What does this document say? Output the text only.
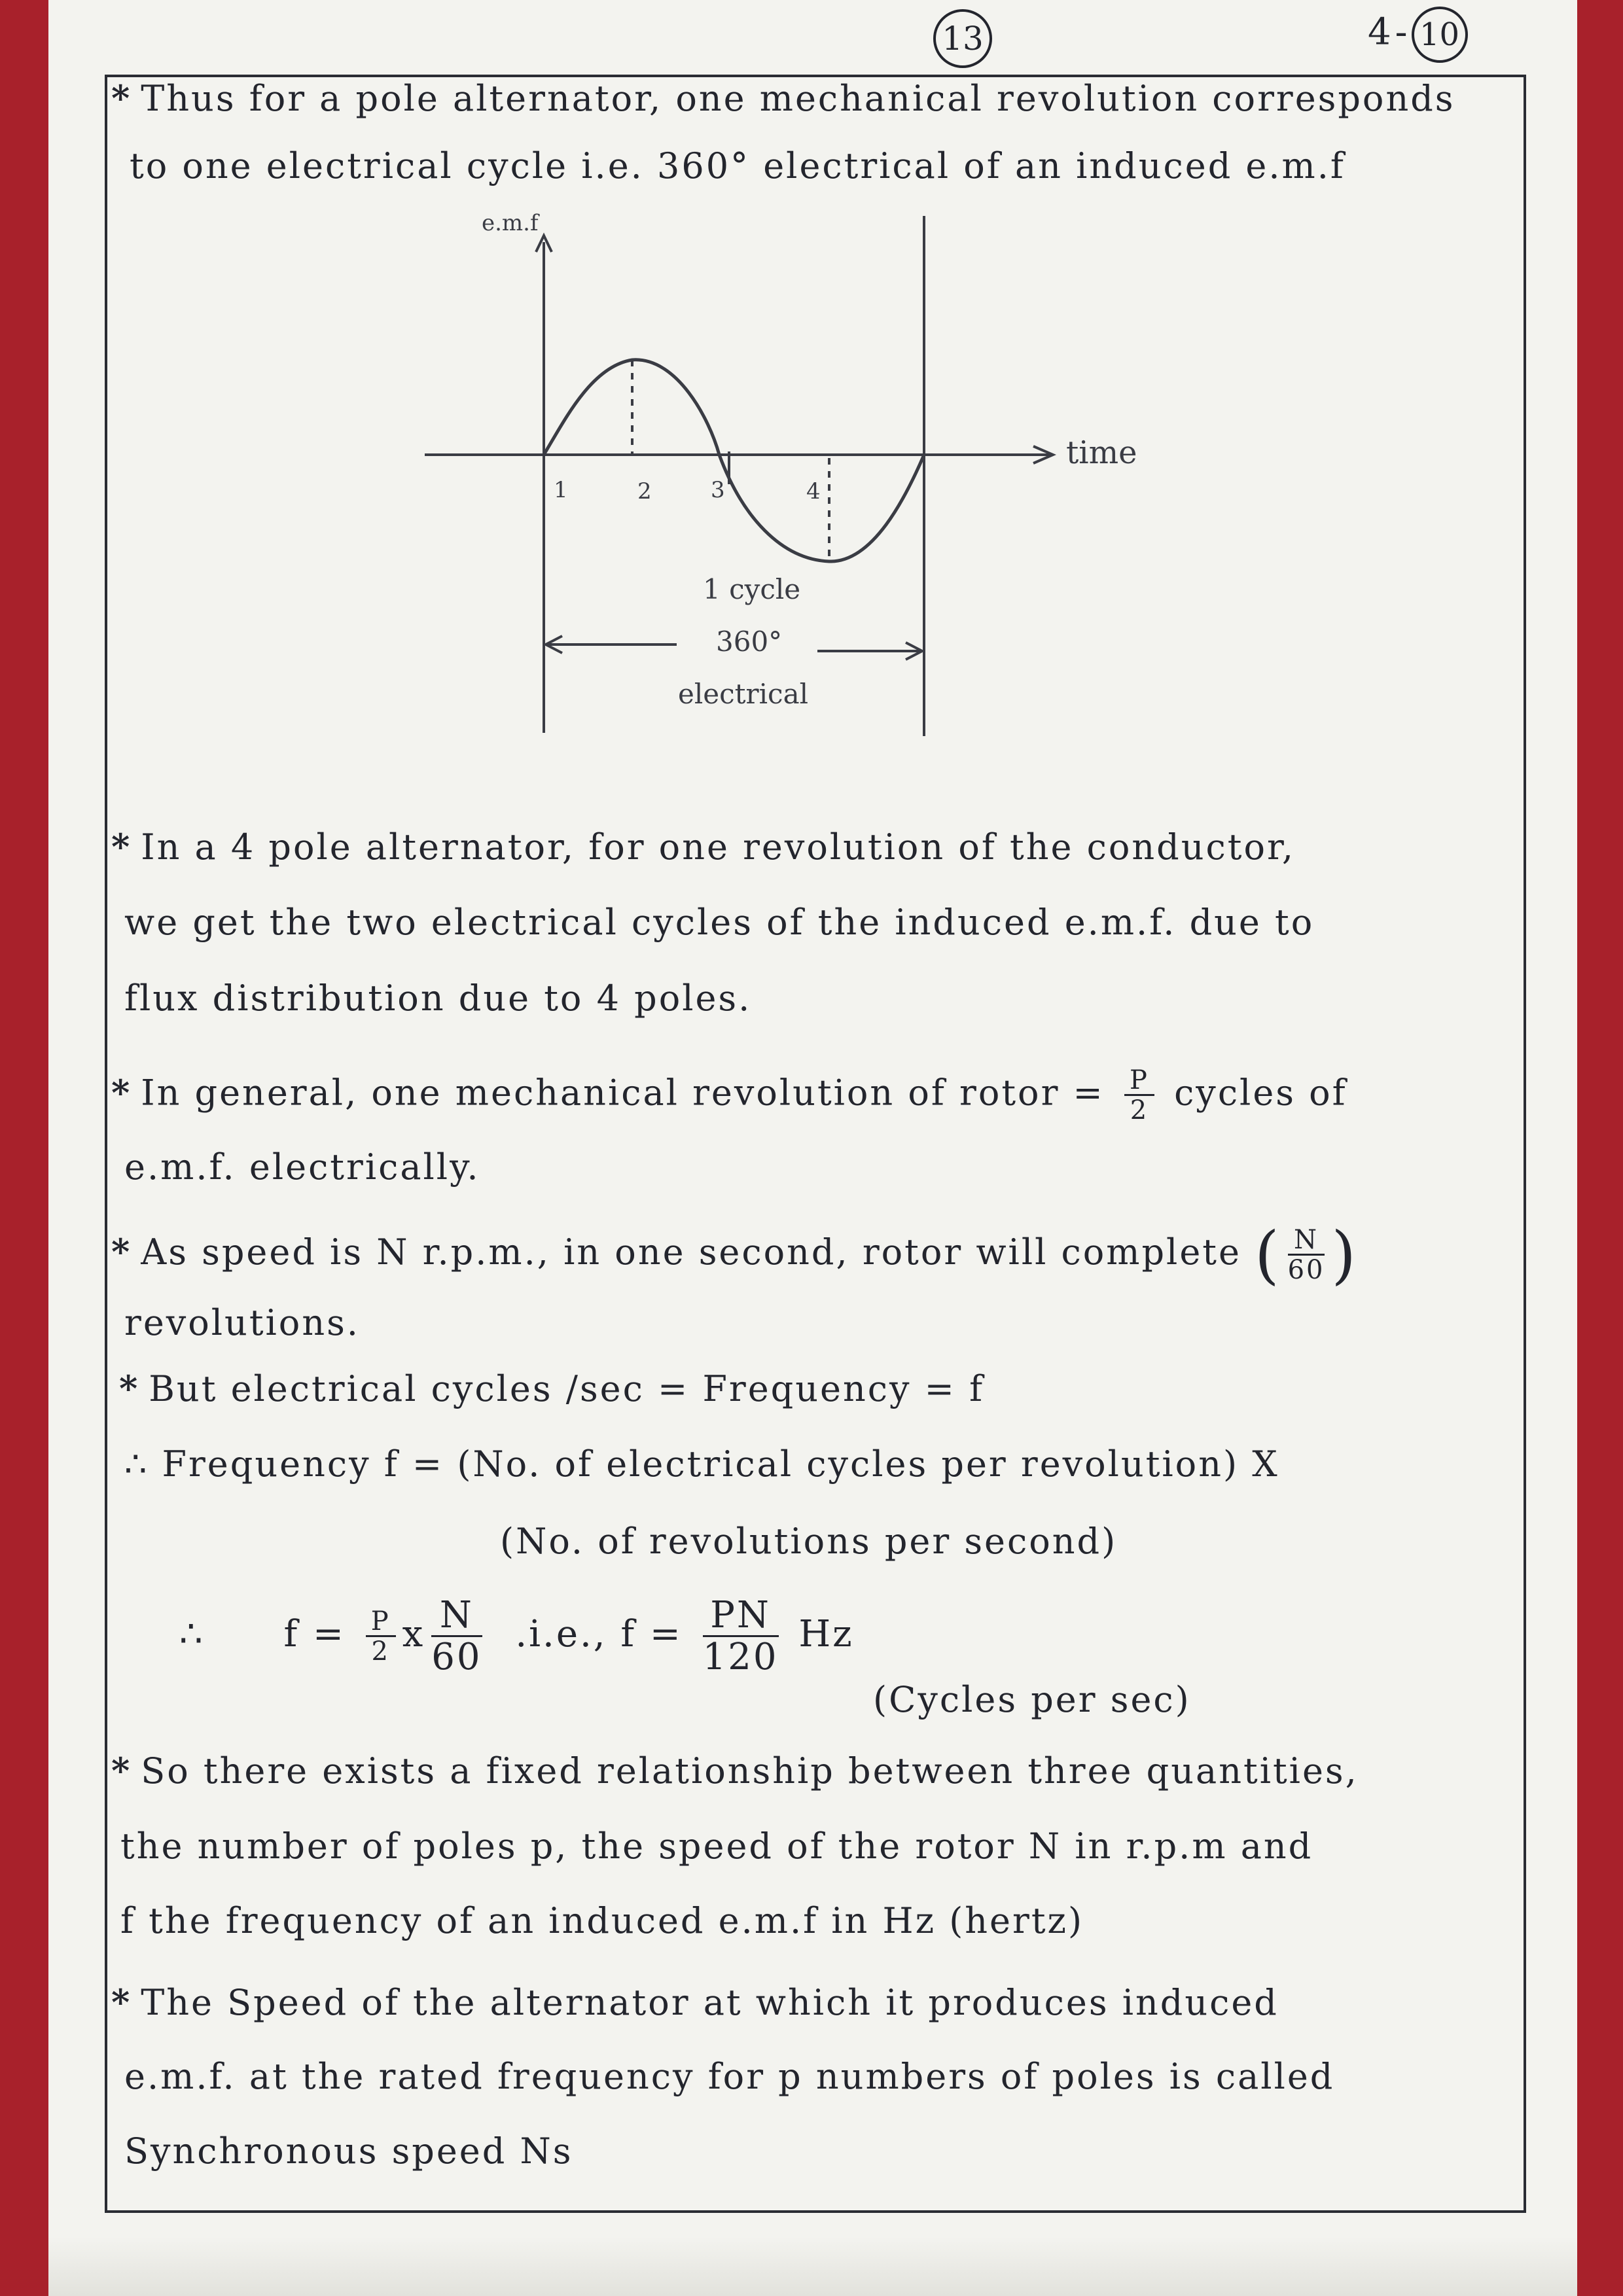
13	4 - 10
* Thus for a pole alternator, one mechanical revolution corresponds
to one electrical cycle i.e. 360° electrical of an induced e.m.f
e.m.f
time
1	2	3	4
1 cycle
360°
electrical
* In a 4 pole alternator, for one revolution of the conductor,
we get the two electrical cycles of the induced e.m.f. due to
flux distribution due to 4 poles.
* In general, one mechanical revolution of rotor = $\frac{P}{2}$ cycles of
e.m.f. electrically.
* As speed is N r.p.m., in one second, rotor will complete ( $\frac{N}{60}$ )
revolutions.
* But electrical cycles /sec = Frequency = f
∴ Frequency f = (No. of electrical cycles per revolution) X
(No. of revolutions per second)
∴ $f = \frac{P}{2}$ x $\frac{N}{60} .i.e$., $f = \frac{PN}{120}$ Hz
(Cycles per sec)
* So there exists a fixed relationship between three quantities,
the number of poles p, the speed of the rotor N in r.p.m and
f the frequency of an induced e.m.f in Hz (hertz)
* The Speed of the alternator at which it produces induced
e.m.f. at the rated frequency for p numbers of poles is called
Synchronous speed Ns
